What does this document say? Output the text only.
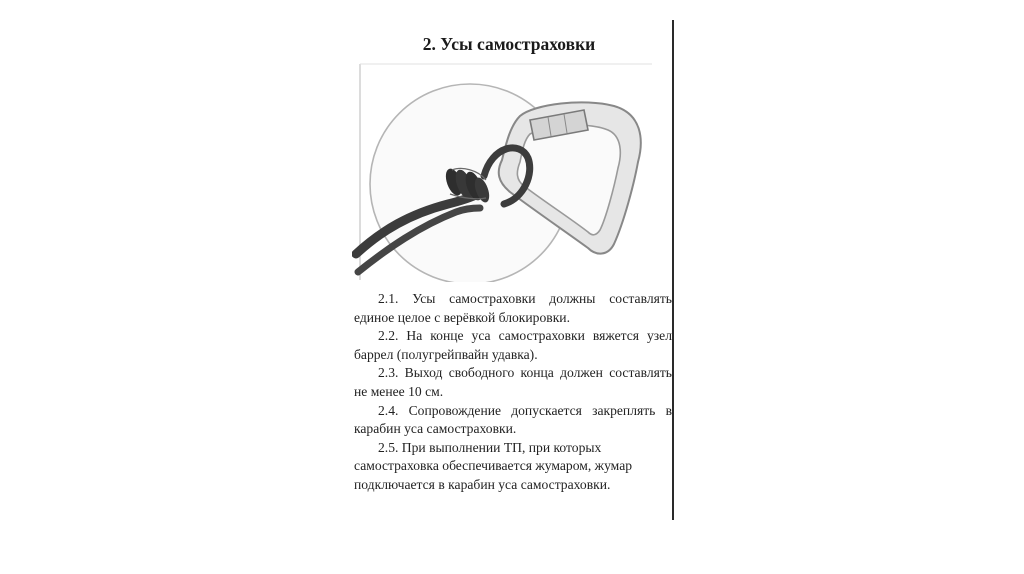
2. Усы самостраховки

2.1. Усы самостраховки должны составлять единое целое с верёвкой блокировки.

2.2. На конце уса самостраховки вяжется узел баррел (полугрейпвайн удавка).

2.3. Выход свободного конца должен составлять не менее 10 см.

2.4. Сопровождение допускается закреплять в карабин уса самостраховки.

2.5. При выполнении ТП, при которых самостраховка обеспечивается жумаром, жумар подключается в карабин уса самостраховки.
